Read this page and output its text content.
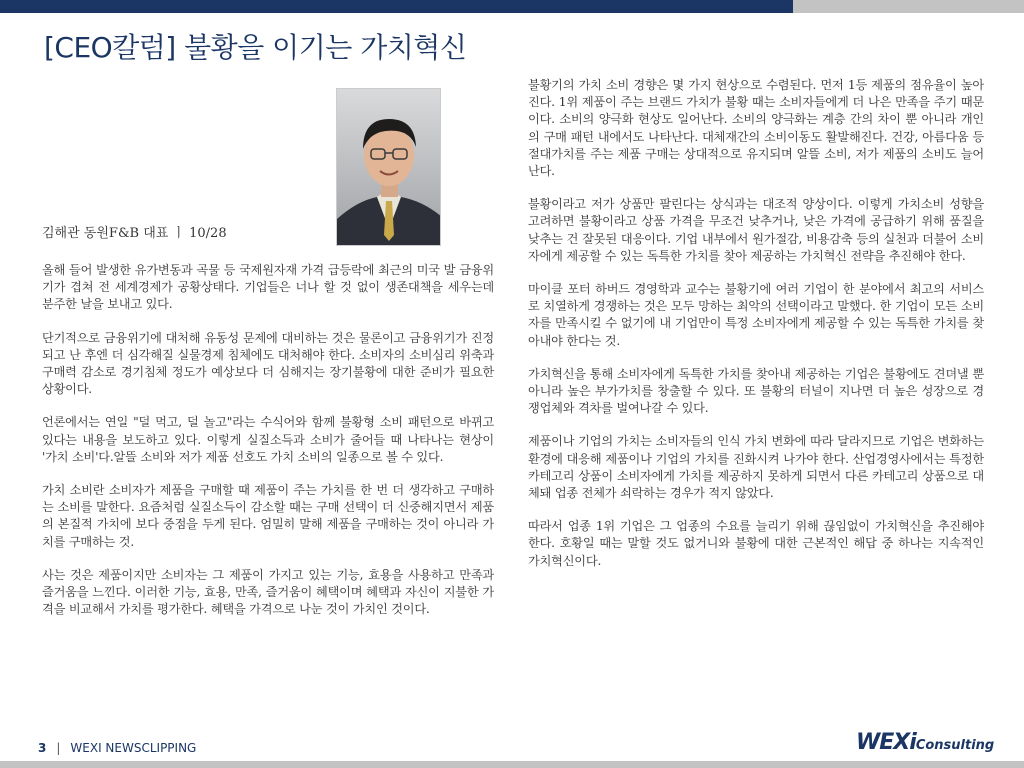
[CEO칼럼] 불황을 이기는 가치혁신
김해관 동원F&B 대표 ㅣ 10/28

올해 들어 발생한 유가변동과 곡물 등 국제원자재 가격 급등락에 최근의 미국 발 금융위기가 겹쳐 전 세계경제가 공황상태다. 기업들은 너나 할 것 없이 생존대책을 세우는데 분주한 날을 보내고 있다.

단기적으로 금융위기에 대처해 유동성 문제에 대비하는 것은 물론이고 금융위기가 진정되고 난 후엔 더 심각해질 실물경제 침체에도 대처해야 한다. 소비자의 소비심리 위축과 구매력 감소로 경기침체 정도가 예상보다 더 심해지는 장기불황에 대한 준비가 필요한 상황이다.

언론에서는 연일 "덜 먹고, 덜 놀고"라는 수식어와 함께 불황형 소비 패턴으로 바뀌고 있다는 내용을 보도하고 있다. 이렇게 실질소득과 소비가 줄어들 때 나타나는 현상이 '가치 소비'다.알뜰 소비와 저가 제품 선호도 가치 소비의 일종으로 볼 수 있다.

가치 소비란 소비자가 제품을 구매할 때 제품이 주는 가치를 한 번 더 생각하고 구매하는 소비를 말한다. 요즘처럼 실질소득이 감소할 때는 구매 선택이 더 신중해지면서 제품의 본질적 가치에 보다 중점을 두게 된다. 엄밀히 말해 제품을 구매하는 것이 아니라 가치를 구매하는 것.

사는 것은 제품이지만 소비자는 그 제품이 가지고 있는 기능, 효용을 사용하고 만족과 즐거움을 느낀다. 이러한 기능, 효용, 만족, 즐거움이 혜택이며 혜택과 자신이 지불한 가격을 비교해서 가치를 평가한다. 혜택을 가격으로 나눈 것이 가치인 것이다.

불황기의 가치 소비 경향은 몇 가지 현상으로 수렴된다. 먼저 1등 제품의 점유율이 높아진다. 1위 제품이 주는 브랜드 가치가 불황 때는 소비자들에게 더 나은 만족을 주기 때문이다. 소비의 양극화 현상도 일어난다. 소비의 양극화는 계층 간의 차이 뿐 아니라 개인의 구매 패턴 내에서도 나타난다. 대체재간의 소비이동도 활발해진다. 건강, 아름다움 등 절대가치를 주는 제품 구매는 상대적으로 유지되며 알뜰 소비, 저가 제품의 소비도 늘어난다.

불황이라고 저가 상품만 팔린다는 상식과는 대조적 양상이다. 이렇게 가치소비 성향을 고려하면 불황이라고 상품 가격을 무조건 낮추거나, 낮은 가격에 공급하기 위해 품질을 낮추는 건 잘못된 대응이다. 기업 내부에서 원가절감, 비용감축 등의 실천과 더불어 소비자에게 제공할 수 있는 독특한 가치를 찾아 제공하는 가치혁신 전략을 추진해야 한다.

마이클 포터 하버드 경영학과 교수는 불황기에 여러 기업이 한 분야에서 최고의 서비스로 치열하게 경쟁하는 것은 모두 망하는 최악의 선택이라고 말했다. 한 기업이 모든 소비자를 만족시킬 수 없기에 내 기업만이 특정 소비자에게 제공할 수 있는 독특한 가치를 찾아내야 한다는 것.

가치혁신을 통해 소비자에게 독특한 가치를 찾아내 제공하는 기업은 불황에도 견뎌낼 뿐 아니라 높은 부가가치를 창출할 수 있다. 또 불황의 터널이 지나면 더 높은 성장으로 경쟁업체와 격차를 벌여나갈 수 있다.

제품이나 기업의 가치는 소비자들의 인식 가치 변화에 따라 달라지므로 기업은 변화하는 환경에 대응해 제품이나 기업의 가치를 진화시켜 나가야 한다. 산업경영사에서는 특정한 카테고리 상품이 소비자에게 가치를 제공하지 못하게 되면서 다른 카테고리 상품으로 대체돼 업종 전체가 쇠락하는 경우가 적지 않았다.

따라서 업종 1위 기업은 그 업종의 수요를 늘리기 위해 끊임없이 가치혁신을 추진해야 한다. 호황일 때는 말할 것도 없거니와 불황에 대한 근본적인 해답 중 하나는 지속적인 가치혁신이다.

3 | WEXI NEWSCLIPPING	WEXiConsulting
